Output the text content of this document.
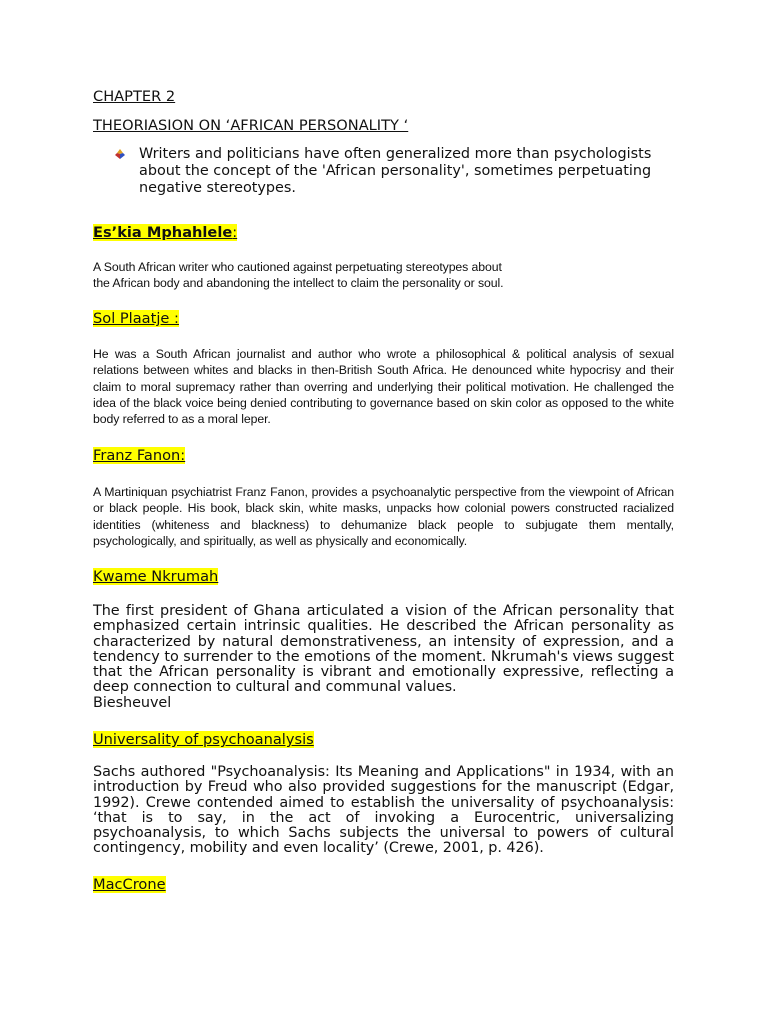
CHAPTER 2

THEORIASION ON ‘AFRICAN PERSONALITY ‘

Writers and politicians have often generalized more than psychologists about the concept of the 'African personality', sometimes perpetuating negative stereotypes.

Es’kia Mphahlele:

A South African writer who cautioned against perpetuating stereotypes about
the African body and abandoning the intellect to claim the personality or soul.

Sol Plaatje :

He was a South African journalist and author who wrote a philosophical & political analysis of sexual relations between whites and blacks in then-British South Africa. He denounced white hypocrisy and their claim to moral supremacy rather than overring and underlying their political motivation. He challenged the idea of the black voice being denied contributing to governance based on skin color as opposed to the white body referred to as a moral leper.

Franz Fanon:

A Martiniquan psychiatrist Franz Fanon, provides a psychoanalytic perspective from the viewpoint of African or black people. His book, black skin, white masks, unpacks how colonial powers constructed racialized identities (whiteness and blackness) to dehumanize black people to subjugate them mentally, psychologically, and spiritually, as well as physically and economically.

Kwame Nkrumah

The first president of Ghana articulated a vision of the African personality that emphasized certain intrinsic qualities. He described the African personality as characterized by natural demonstrativeness, an intensity of expression, and a tendency to surrender to the emotions of the moment. Nkrumah's views suggest that the African personality is vibrant and emotionally expressive, reflecting a deep connection to cultural and communal values.

Biesheuvel

Universality of psychoanalysis

Sachs authored "Psychoanalysis: Its Meaning and Applications" in 1934, with an introduction by Freud who also provided suggestions for the manuscript (Edgar, 1992). Crewe contended aimed to establish the universality of psychoanalysis: ‘that is to say, in the act of invoking a Eurocentric, universalizing psychoanalysis, to which Sachs subjects the universal to powers of cultural contingency, mobility and even locality’ (Crewe, 2001, p. 426).

MacCrone
